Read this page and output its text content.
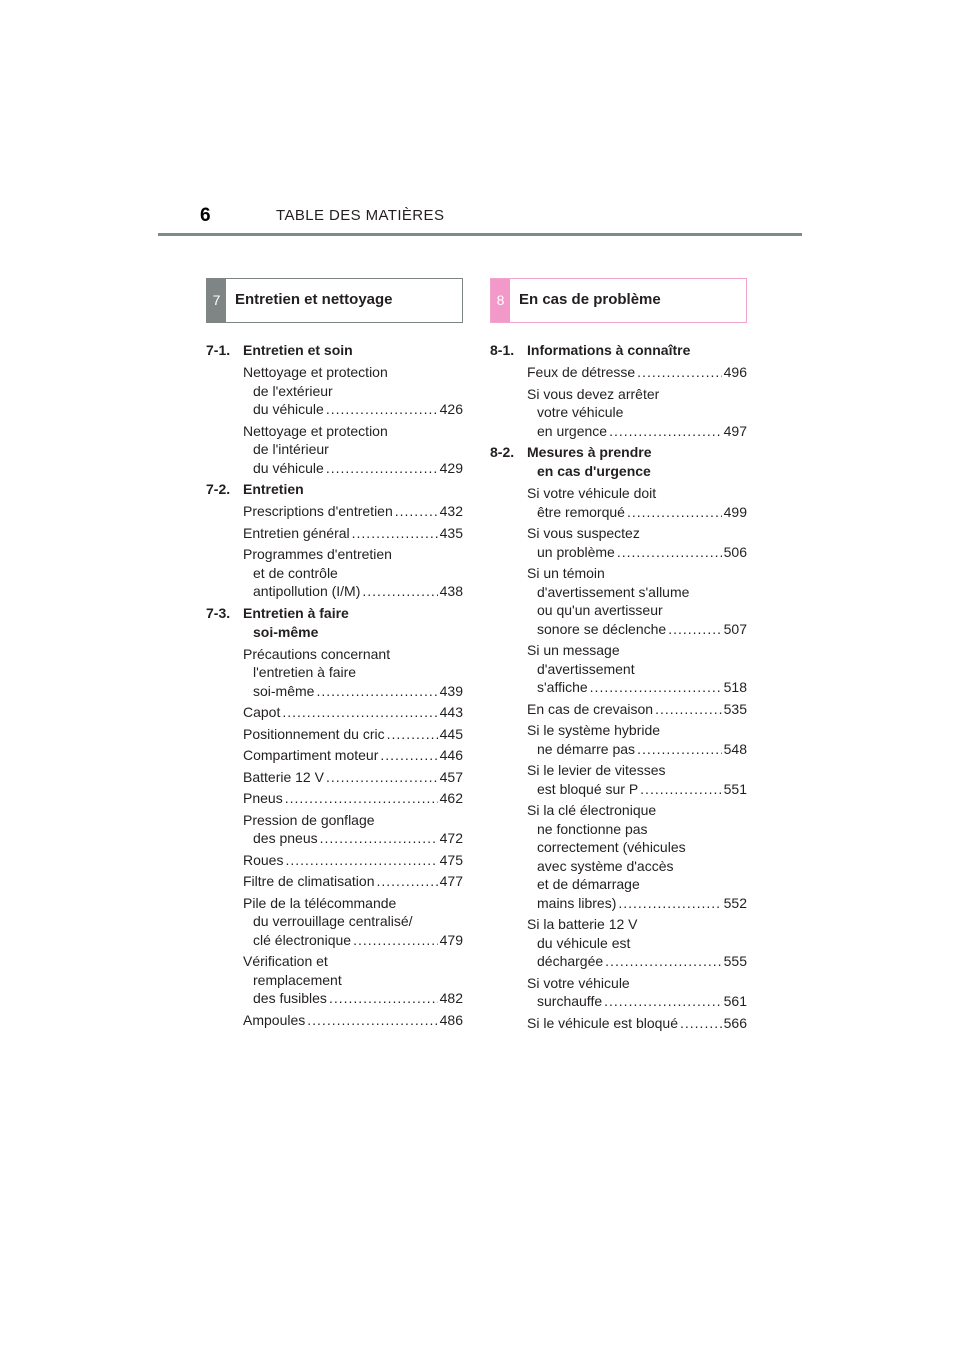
6	TABLE DES MATIÈRES
7 Entretien et nettoyage
7-1. Entretien et soin
Nettoyage et protection
de l'extérieur
du véhicule .....	426
Nettoyage et protection
de l'intérieur
du véhicule .....	429
7-2. Entretien
Prescriptions d'entretien .....	432
Entretien général .....	435
Programmes d'entretien
et de contrôle
antipollution (I/M) .....	438
7-3. Entretien à faire
soi-même
Précautions concernant
l'entretien à faire
soi-même .....	439
Capot .....	443
Positionnement du cric .....	445
Compartiment moteur .....	446
Batterie 12 V .....	457
Pneus .....	462
Pression de gonflage
des pneus .....	472
Roues .....	475
Filtre de climatisation .....	477
Pile de la télécommande
du verrouillage centralisé/
clé électronique .....	479
Vérification et
remplacement
des fusibles .....	482
Ampoules .....	486
8 En cas de problème
8-1. Informations à connaître
Feux de détresse .....	496
Si vous devez arrêter
votre véhicule
en urgence .....	497
8-2. Mesures à prendre
en cas d'urgence
Si votre véhicule doit
être remorqué .....	499
Si vous suspectez
un problème .....	506
Si un témoin
d'avertissement s'allume
ou qu'un avertisseur
sonore se déclenche .....	507
Si un message
d'avertissement
s'affiche .....	518
En cas de crevaison .....	535
Si le système hybride
ne démarre pas .....	548
Si le levier de vitesses
est bloqué sur P .....	551
Si la clé électronique
ne fonctionne pas
correctement (véhicules
avec système d'accès
et de démarrage
mains libres) .....	552
Si la batterie 12 V
du véhicule est
déchargée .....	555
Si votre véhicule
surchauffe .....	561
Si le véhicule est bloqué .....	566
